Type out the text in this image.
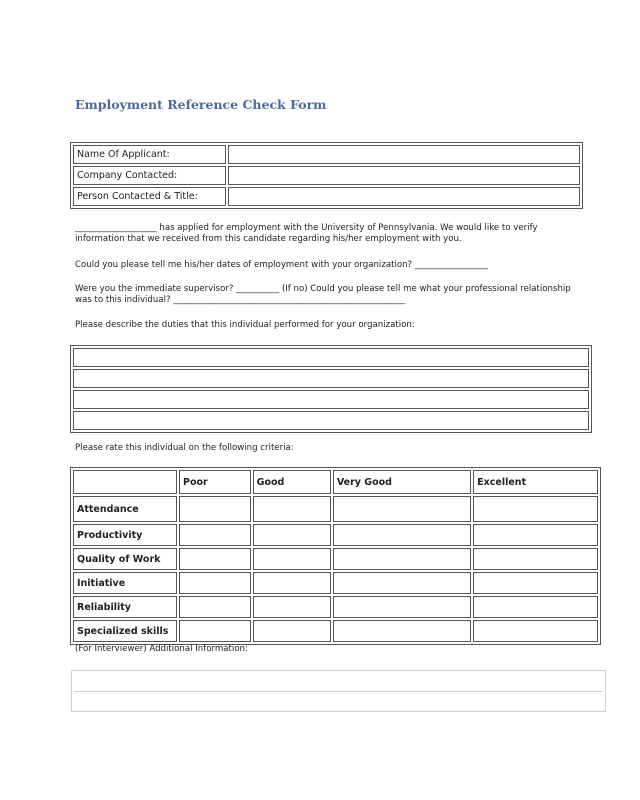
Employment Reference Check Form
Name Of Applicant:	
Company Contacted:	
Person Contacted & Title:	
___________________ has applied for employment with the University of Pennsylvania. We would like to verify information that we received from this candidate regarding his/her employment with you.
Could you please tell me his/her dates of employment with your organization? _________________
Were you the immediate supervisor? __________ (If no) Could you please tell me what your professional relationship was to this individual? ______________________________________________________
Please describe the duties that this individual performed for your organization:

Please rate this individual on the following criteria:
	Poor	Good	Very Good	Excellent
Attendance				
Productivity				
Quality of Work				
Initiative				
Reliability				
Specialized skills				
(For Interviewer) Additional Information:
